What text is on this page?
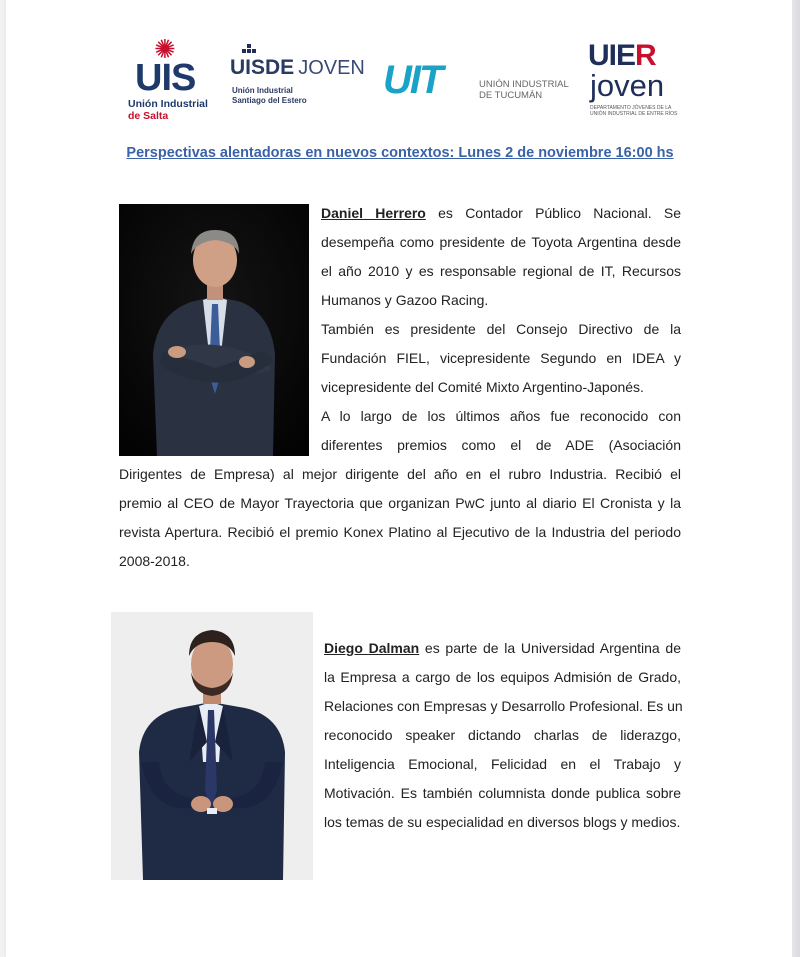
✺
UIS
Unión Industrial
de Salta
UISDE JOVEN
Unión Industrial
Santiago del Estero UIT	UNIÓN INDUSTRIAL
DE TUCUMÁN
UIER
joven
DEPARTAMENTO JÓVENES DE LA
UNIÓN INDUSTRIAL DE ENTRE RÍOS
Perspectivas alentadoras en nuevos contextos: Lunes 2 de noviembre 16:00 hs
Daniel Herrero es Contador Público Nacional. Se
desempeña como presidente de Toyota Argentina desde
el año 2010 y es responsable regional de IT, Recursos
Humanos y Gazoo Racing.
También es presidente del Consejo Directivo de la
Fundación FIEL, vicepresidente Segundo en IDEA y
vicepresidente del Comité Mixto Argentino-Japonés.
A lo largo de los últimos años fue reconocido con
diferentes premios como el de ADE (Asociación
Dirigentes de Empresa) al mejor dirigente del año en el rubro Industria. Recibió el
premio al CEO de Mayor Trayectoria que organizan PwC junto al diario El Cronista y la
revista Apertura. Recibió el premio Konex Platino al Ejecutivo de la Industria del periodo
2008-2018.
Diego Dalman es parte de la Universidad Argentina de
la Empresa a cargo de los equipos Admisión de Grado,
Relaciones con Empresas y Desarrollo Profesional. Es un
reconocido speaker dictando charlas de liderazgo,
Inteligencia Emocional, Felicidad en el Trabajo y
Motivación. Es también columnista donde publica sobre
los temas de su especialidad en diversos blogs y medios.
